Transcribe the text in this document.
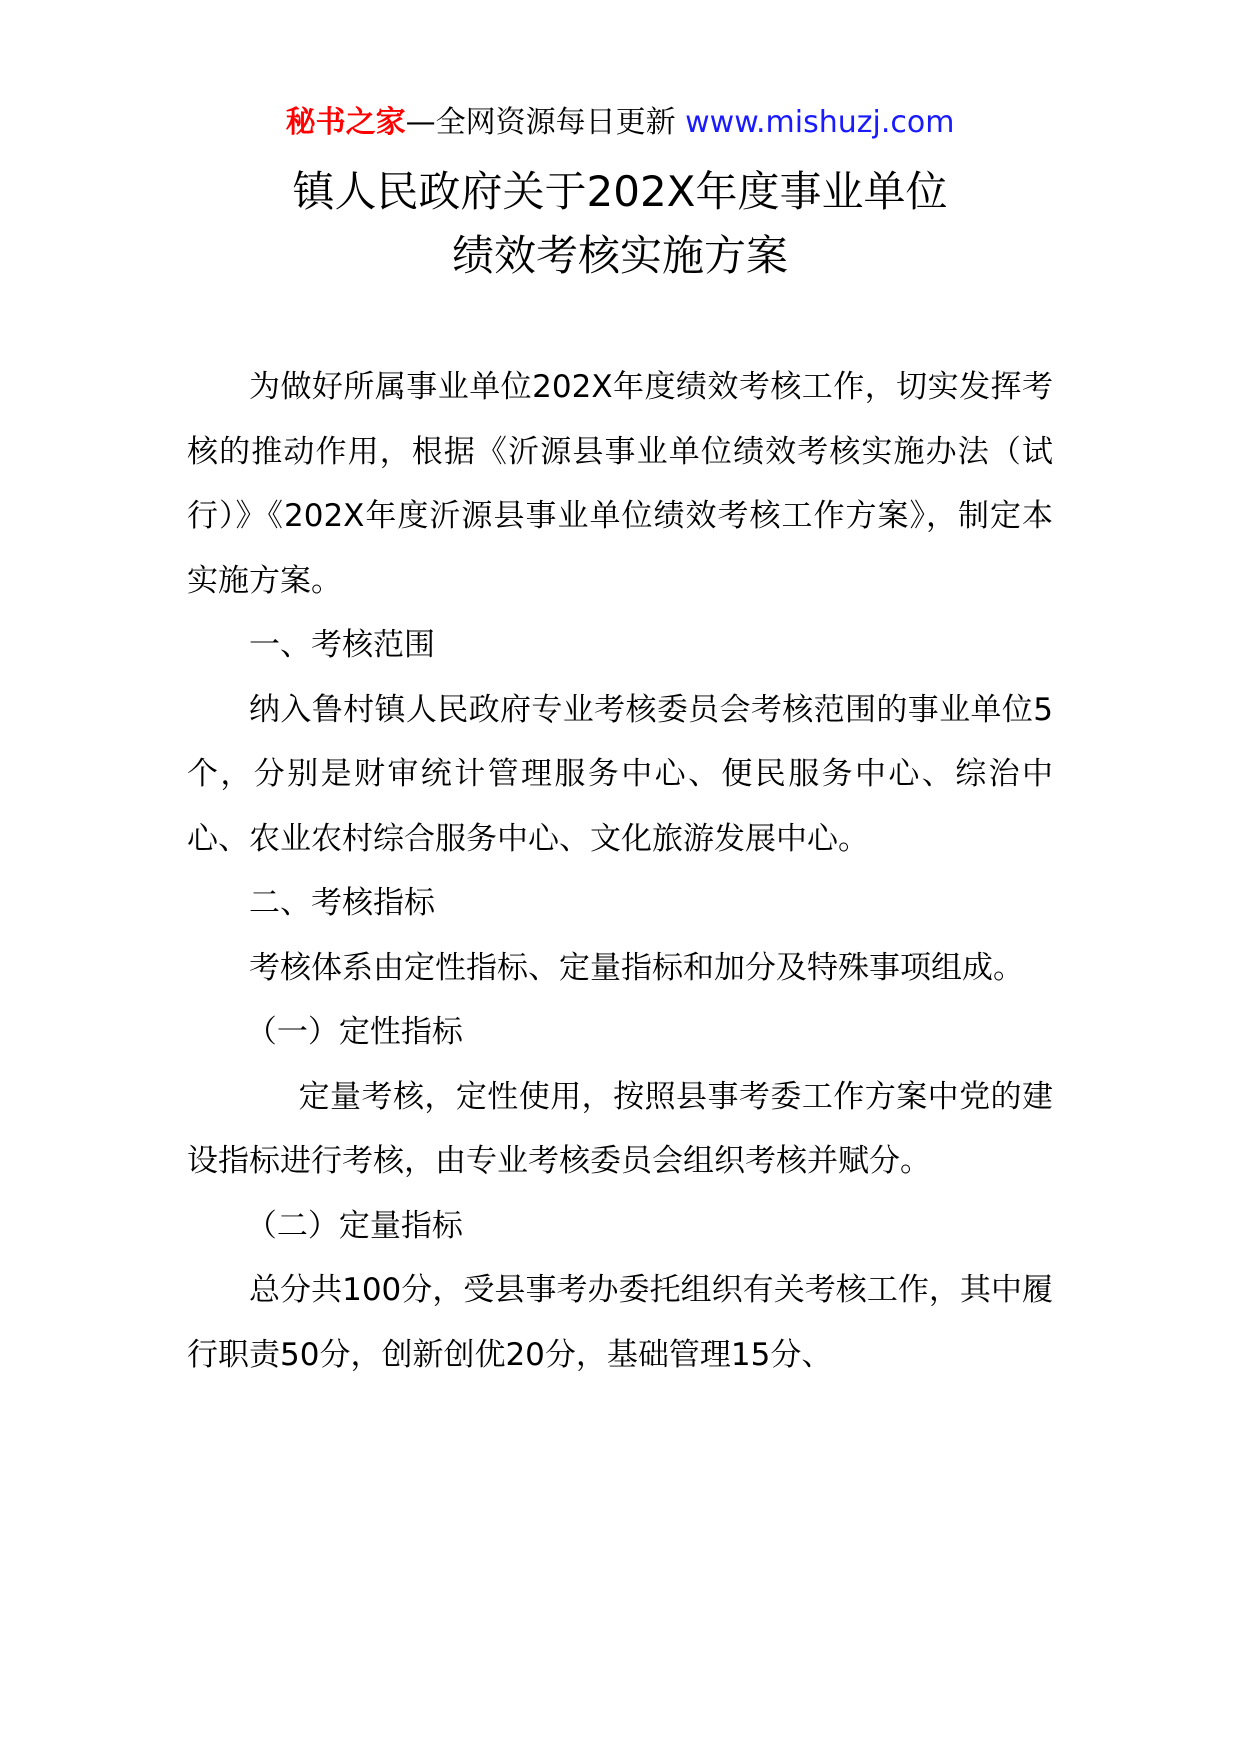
秘书之家—全网资源每日更新 www.mishuzj.com
镇人民政府关于202X年度事业单位
绩效考核实施方案

为做好所属事业单位202X年度绩效考核工作，切实发挥考核的推动作用，根据《沂源县事业单位绩效考核实施办法（试行）》《202X年度沂源县事业单位绩效考核工作方案》，制定本实施方案。

一、考核范围

纳入鲁村镇人民政府专业考核委员会考核范围的事业单位5个，分别是财审统计管理服务中心、便民服务中心、综治中心、农业农村综合服务中心、文化旅游发展中心。

二、考核指标

考核体系由定性指标、定量指标和加分及特殊事项组成。

（一）定性指标

定量考核，定性使用，按照县事考委工作方案中党的建设指标进行考核，由专业考核委员会组织考核并赋分。

（二）定量指标

总分共100分，受县事考办委托组织有关考核工作，其中履行职责50分，创新创优20分，基础管理15分、
